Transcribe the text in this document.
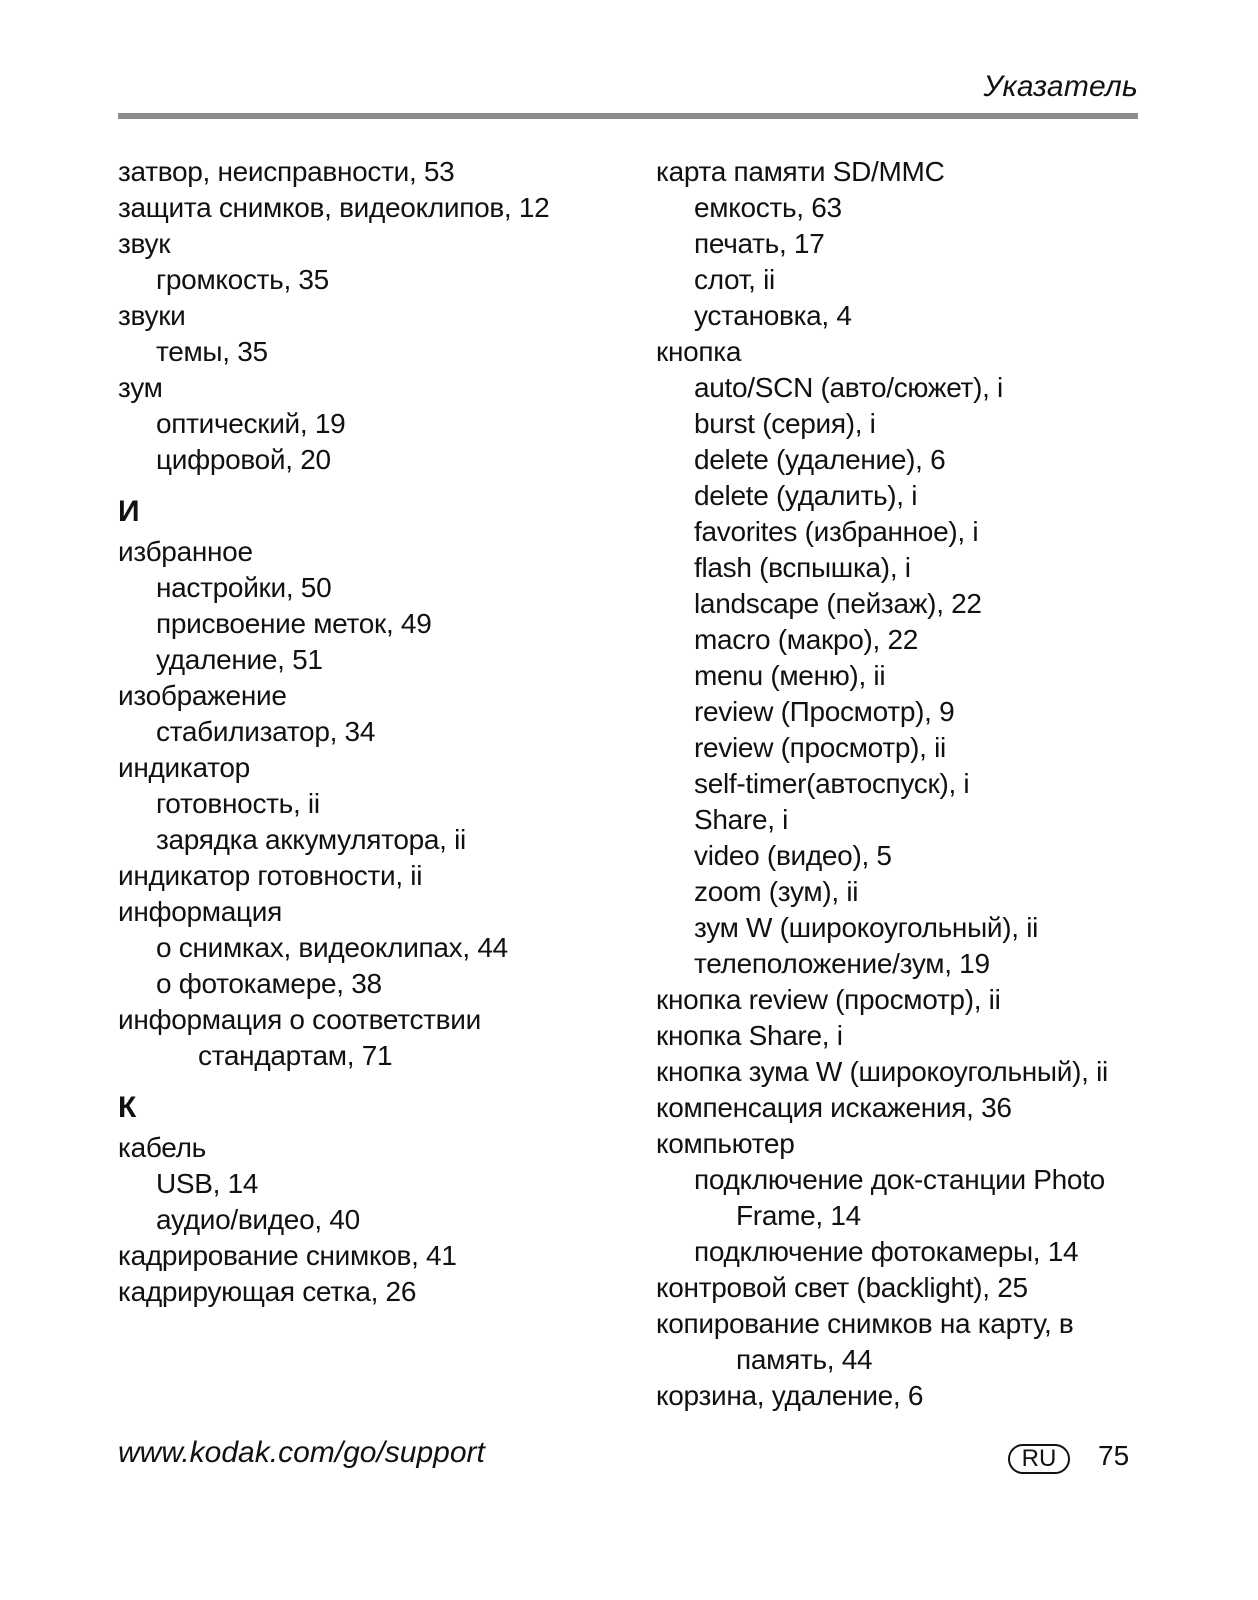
Указатель
затвор, неисправности, 53
защита снимков, видеоклипов, 12
звук
громкость, 35
звуки
темы, 35
зум
оптический, 19
цифровой, 20
И
избранное
настройки, 50
присвоение меток, 49
удаление, 51
изображение
стабилизатор, 34
индикатор
готовность, ii
зарядка аккумулятора, ii
индикатор готовности, ii
информация
о снимках, видеоклипах, 44
о фотокамере, 38
информация о соответствии
стандартам, 71
К
кабель
USB, 14
аудио/видео, 40
кадрирование снимков, 41
кадрирующая сетка, 26
карта памяти SD/MMC
емкость, 63
печать, 17
слот, ii
установка, 4
кнопка
auto/SCN (авто/сюжет), i
burst (серия), i
delete (удаление), 6
delete (удалить), i
favorites (избранное), i
flash (вспышка), i
landscape (пейзаж), 22
macro (макро), 22
menu (меню), ii
review (Просмотр), 9
review (просмотр), ii
self-timer(автоспуск), i
Share, i
video (видео), 5
zoom (зум), ii
зум W (широкоугольный), ii
телеположение/зум, 19
кнопка review (просмотр), ii
кнопка Share, i
кнопка зума W (широкоугольный), ii
компенсация искажения, 36
компьютер
подключение док-станции Photo
Frame, 14
подключение фотокамеры, 14
контровой свет (backlight), 25
копирование снимков на карту, в
память, 44
корзина, удаление, 6
www.kodak.com/go/support	RU	75
